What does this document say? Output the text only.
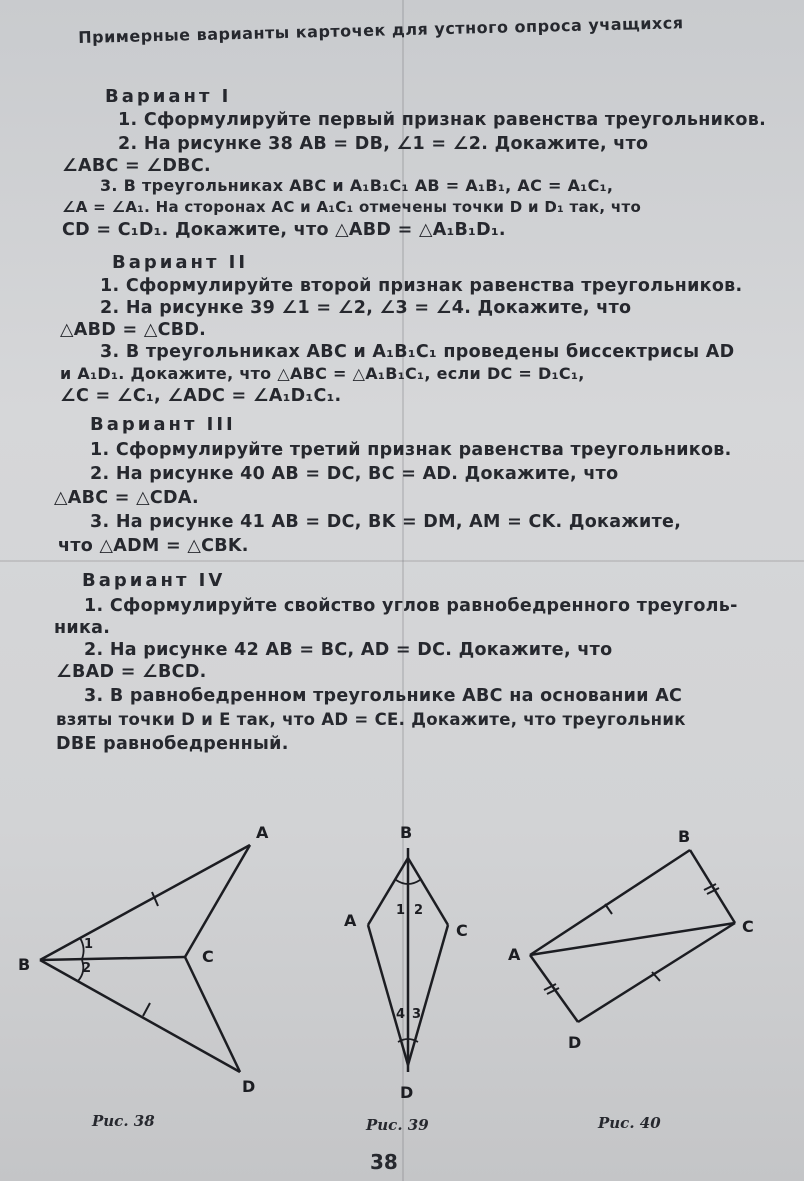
Примерные варианты карточек для устного опроса учащихся
Вариант I
1. Сформулируйте первый признак равенства треугольников.
2. На рисунке 38 AB = DB, ∠1 = ∠2. Докажите, что
∠ABC = ∠DBC.
3. В треугольниках ABC и A₁B₁C₁ AB = A₁B₁, AC = A₁C₁,
∠A = ∠A₁. На сторонах AC и A₁C₁ отмечены точки D и D₁ так, что
CD = C₁D₁. Докажите, что △ABD = △A₁B₁D₁.
Вариант II
1. Сформулируйте второй признак равенства треугольников.
2. На рисунке 39 ∠1 = ∠2, ∠3 = ∠4. Докажите, что
△ABD = △CBD.
3. В треугольниках ABC и A₁B₁C₁ проведены биссектрисы AD
и A₁D₁. Докажите, что △ABC = △A₁B₁C₁, если DC = D₁C₁,
∠C = ∠C₁, ∠ADC = ∠A₁D₁C₁.
Вариант III
1. Сформулируйте третий признак равенства треугольников.
2. На рисунке 40 AB = DC, BC = AD. Докажите, что
△ABC = △CDA.
3. На рисунке 41 AB = DC, BK = DM, AM = CK. Докажите,
что △ADM = △CBK.
Вариант IV
1. Сформулируйте свойство углов равнобедренного треуголь-
ника.
2. На рисунке 42 AB = BC, AD = DC. Докажите, что
∠BAD = ∠BCD.
3. В равнобедренном треугольнике ABC на основании AC
взяты точки D и E так, что AD = CE. Докажите, что треугольник
DBE равнобедренный.
A
B	C
D
1
2
B
A
C
D
1 2
3
4
B
A
C
D
Рис. 38	Рис. 39	Рис. 40
38
